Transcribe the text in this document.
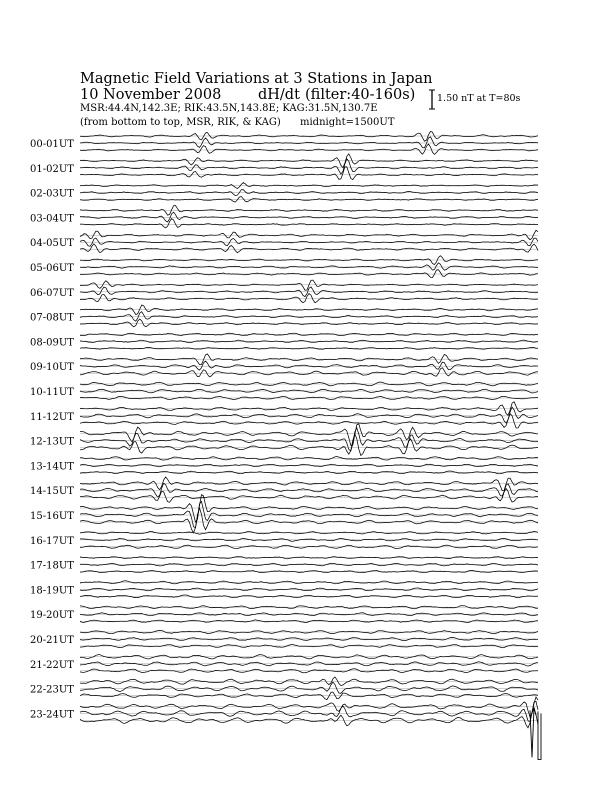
00-01UT
01-02UT
02-03UT
03-04UT
04-05UT
05-06UT
06-07UT
07-08UT
08-09UT
09-10UT
10-11UT
11-12UT
12-13UT
13-14UT
14-15UT
15-16UT
16-17UT
17-18UT
18-19UT
19-20UT
20-21UT
21-22UT
22-23UT
23-24UT
Magnetic Field Variations at 3 Stations in Japan
10 November 2008	dH/dt (filter:40-160s)
MSR:44.4N,142.3E; RIK:43.5N,143.8E; KAG:31.5N,130.7E
(from bottom to top, MSR, RIK, & KAG) midnight=1500UT
1.50 nT at T=80s
